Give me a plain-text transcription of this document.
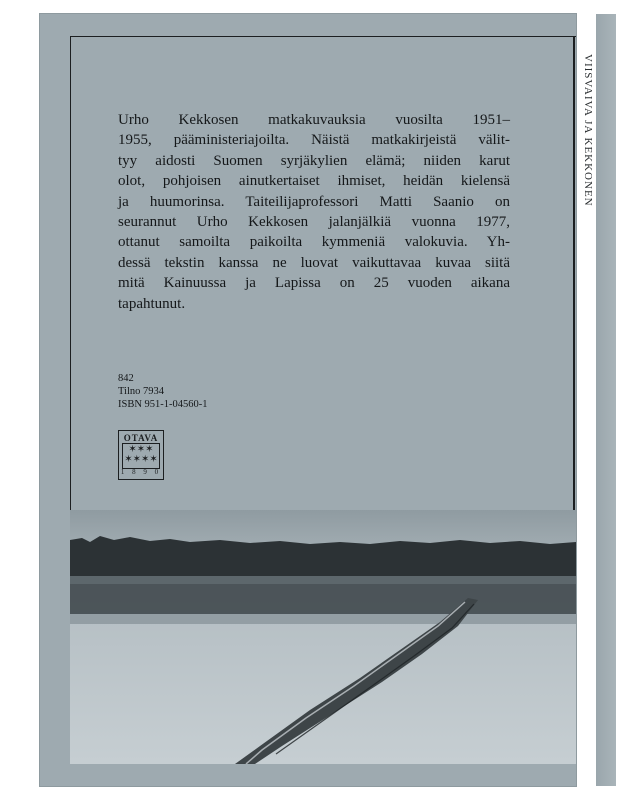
VIISVAIVA JA KEKKONEN

Urho Kekkosen matkakuvauksia vuosilta 1951–
1955, pääministeriajoilta. Näistä matkakirjeistä välit-
tyy aidosti Suomen syrjäkylien elämä; niiden karut
olot, pohjoisen ainutkertaiset ihmiset, heidän kielensä
ja huumorinsa. Taiteilijaprofessori Matti Saanio on
seurannut Urho Kekkosen jalanjälkiä vuonna 1977,
ottanut samoilta paikoilta kymmeniä valokuvia. Yh-
dessä tekstin kanssa ne luovat vaikuttavaa kuvaa siitä
mitä Kainuussa ja Lapissa on 25 vuoden aikana
tapahtunut.

842
Tilno 7934
ISBN 951-1-04560-1
OTAVA
✶✶✶
✶✶✶✶
1 8 9 0
